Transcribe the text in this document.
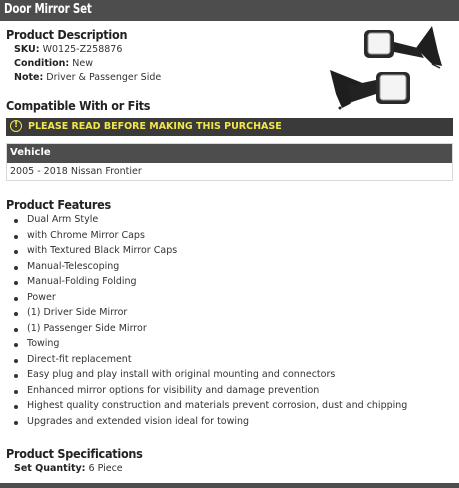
Door Mirror Set
Product Description
SKU: W0125-Z258876
Condition: New
Note: Driver & Passenger Side
Compatible With or Fits
!	PLEASE READ BEFORE MAKING THIS PURCHASE
Vehicle
2005 - 2018 Nissan Frontier
Product Features
Dual Arm Style
with Chrome Mirror Caps
with Textured Black Mirror Caps
Manual-Telescoping
Manual-Folding Folding
Power
(1) Driver Side Mirror
(1) Passenger Side Mirror
Towing
Direct-fit replacement
Easy plug and play install with original mounting and connectors
Enhanced mirror options for visibility and damage prevention
Highest quality construction and materials prevent corrosion, dust and chipping
Upgrades and extended vision ideal for towing
Product Specifications
Set Quantity: 6 Piece
